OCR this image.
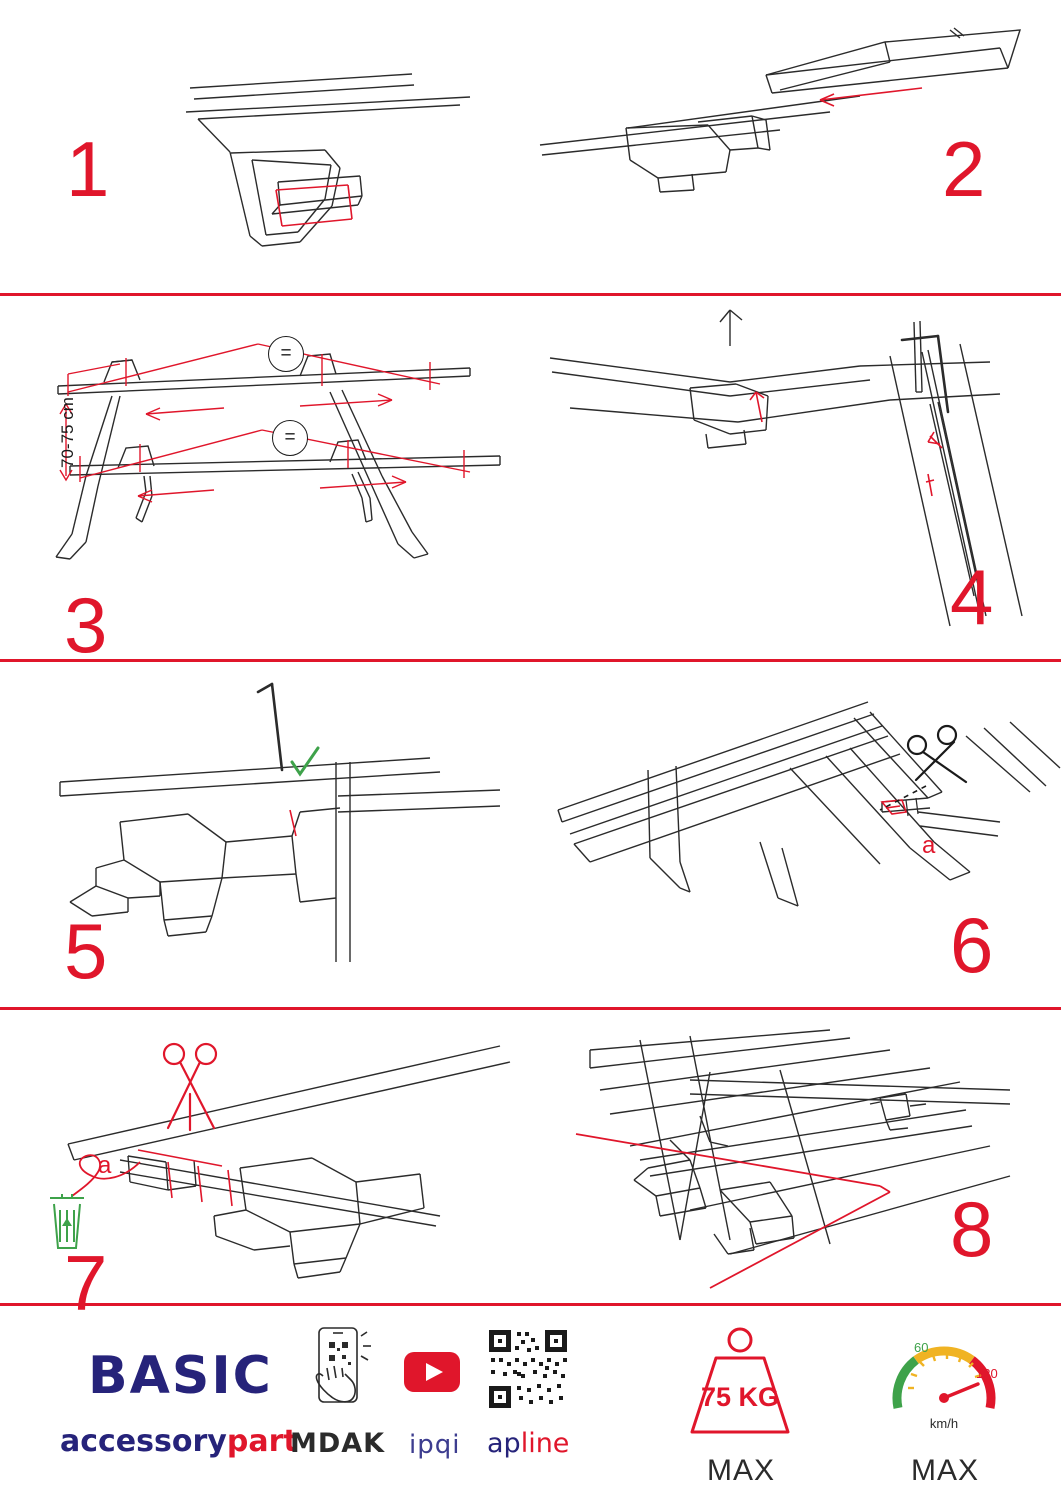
1	2
=
=
70-75 cm
3	4
5
a
6
a
7
8
BASIC
accessorypart
MDAK ipqi apline
75 KG
MAX
60
120
km/h
MAX
